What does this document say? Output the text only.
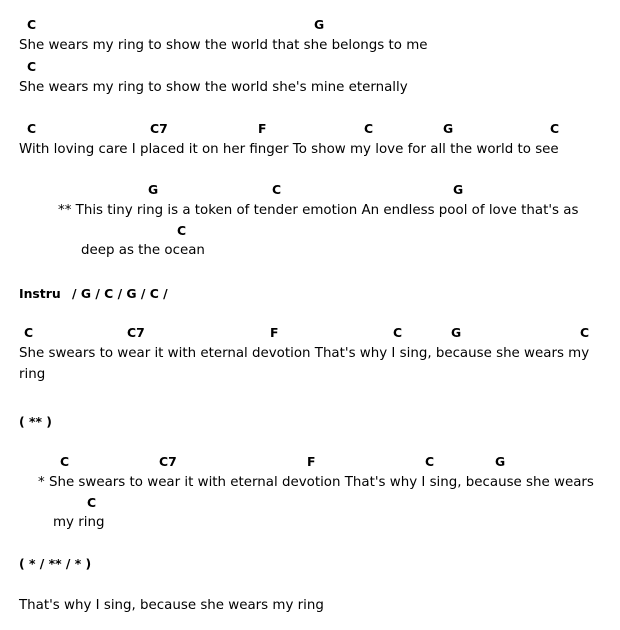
C	G
She wears my ring to show the world that she belongs to me
C
She wears my ring to show the world she's mine eternally
C	C7	F	C	G	C
With loving care I placed it on her finger To show my love for all the world to see
G	C	G
** This tiny ring is a token of tender emotion An endless pool of love that's as
C
deep as the ocean
Instru / G / C / G / C /
C	C7	F	C	G	C
She swears to wear it with eternal devotion That's why I sing, because she wears my
ring
( ** )
C	C7	F	C	G
* She swears to wear it with eternal devotion That's why I sing, because she wears
C
my ring
( * / ** / * )
That's why I sing, because she wears my ring
